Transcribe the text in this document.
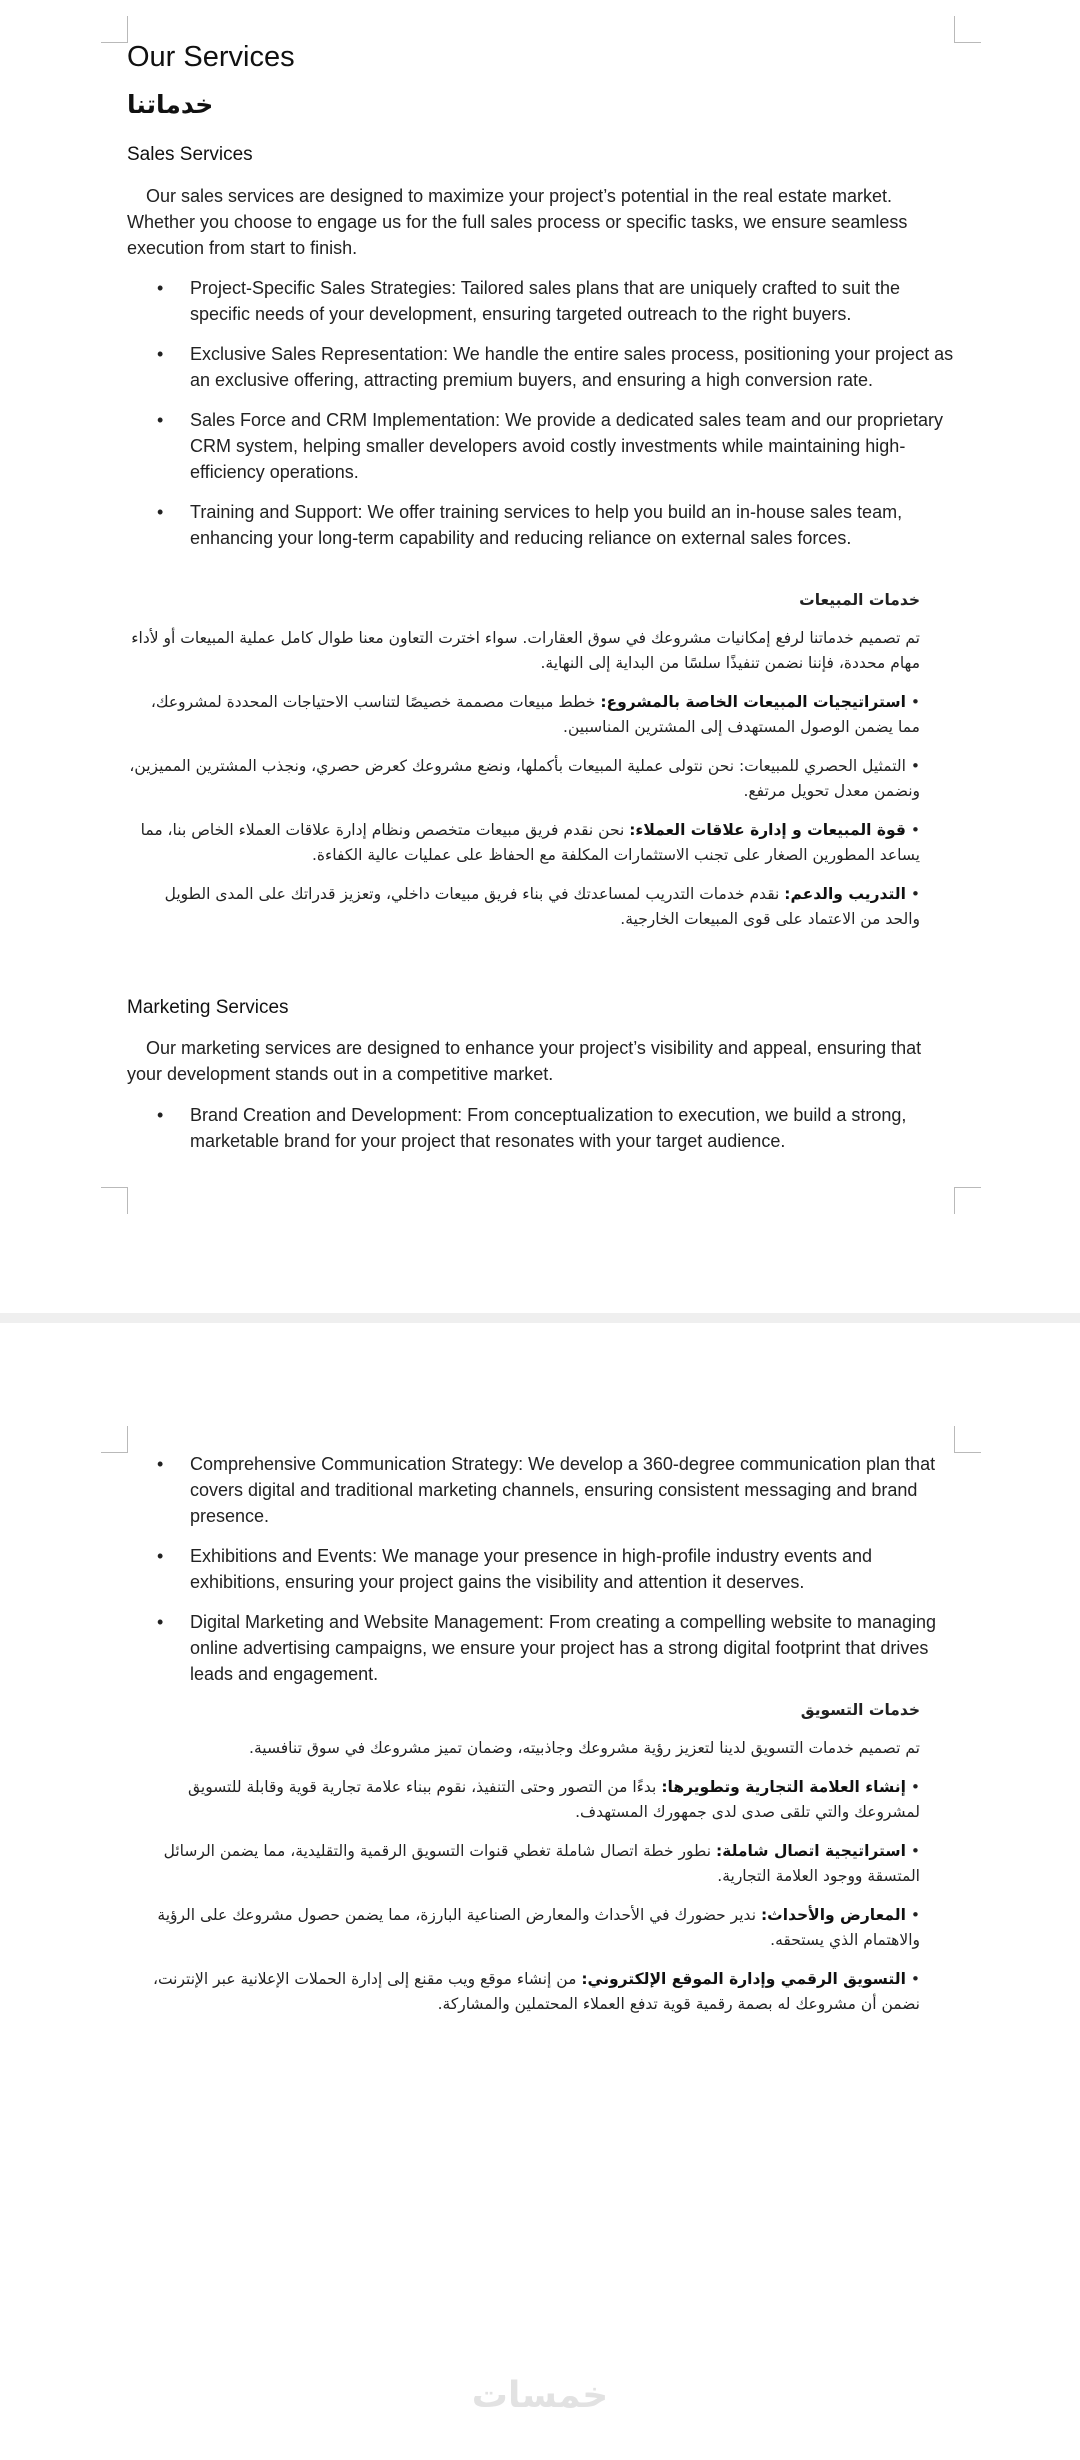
Our Services
خدماتنا
Sales Services

Our sales services are designed to maximize your project’s potential in the real estate market. Whether you choose to engage us for the full sales process or specific tasks, we ensure seamless execution from start to finish.

• Project-Specific Sales Strategies: Tailored sales plans that are uniquely crafted to suit the specific needs of your development, ensuring targeted outreach to the right buyers.
• Exclusive Sales Representation: We handle the entire sales process, positioning your project as an exclusive offering, attracting premium buyers, and ensuring a high conversion rate.
• Sales Force and CRM Implementation: We provide a dedicated sales team and our proprietary CRM system, helping smaller developers avoid costly investments while maintaining high-efficiency operations.
• Training and Support: We offer training services to help you build an in-house sales team, enhancing your long-term capability and reducing reliance on external sales forces.

خدمات المبيعات

تم تصميم خدماتنا لرفع إمكانيات مشروعك في سوق العقارات. سواء اخترت التعاون معنا طوال كامل عملية المبيعات أو لأداء مهام محددة، فإننا نضمن تنفيذًا سلسًا من البداية إلى النهاية.

• استراتيجيات المبيعات الخاصة بالمشروع: خطط مبيعات مصممة خصيصًا لتناسب الاحتياجات المحددة لمشروعك، مما يضمن الوصول المستهدف إلى المشترين المناسبين.

• التمثيل الحصري للمبيعات: نحن نتولى عملية المبيعات بأكملها، ونضع مشروعك كعرض حصري، ونجذب المشترين المميزين، ونضمن معدل تحويل مرتفع.

• قوة المبيعات و إدارة علاقات العملاء: نحن نقدم فريق مبيعات متخصص ونظام إدارة علاقات العملاء الخاص بنا، مما يساعد المطورين الصغار على تجنب الاستثمارات المكلفة مع الحفاظ على عمليات عالية الكفاءة.

• التدريب والدعم: نقدم خدمات التدريب لمساعدتك في بناء فريق مبيعات داخلي، وتعزيز قدراتك على المدى الطويل والحد من الاعتماد على قوى المبيعات الخارجية.

Marketing Services

Our marketing services are designed to enhance your project’s visibility and appeal, ensuring that your development stands out in a competitive market.

• Brand Creation and Development: From conceptualization to execution, we build a strong, marketable brand for your project that resonates with your target audience.
• Comprehensive Communication Strategy: We develop a 360-degree communication plan that covers digital and traditional marketing channels, ensuring consistent messaging and brand presence.
• Exhibitions and Events: We manage your presence in high-profile industry events and exhibitions, ensuring your project gains the visibility and attention it deserves.
• Digital Marketing and Website Management: From creating a compelling website to managing online advertising campaigns, we ensure your project has a strong digital footprint that drives leads and engagement.

خدمات التسويق

تم تصميم خدمات التسويق لدينا لتعزيز رؤية مشروعك وجاذبيته، وضمان تميز مشروعك في سوق تنافسية.

• إنشاء العلامة التجارية وتطويرها: بدءًا من التصور وحتى التنفيذ، نقوم ببناء علامة تجارية قوية وقابلة للتسويق لمشروعك والتي تلقى صدى لدى جمهورك المستهدف.

• استراتيجية اتصال شاملة: نطور خطة اتصال شاملة تغطي قنوات التسويق الرقمية والتقليدية، مما يضمن الرسائل المتسقة ووجود العلامة التجارية.

• المعارض والأحداث: ندير حضورك في الأحداث والمعارض الصناعية البارزة، مما يضمن حصول مشروعك على الرؤية والاهتمام الذي يستحقه.

• التسويق الرقمي وإدارة الموقع الإلكتروني: من إنشاء موقع ويب مقنع إلى إدارة الحملات الإعلانية عبر الإنترنت، نضمن أن مشروعك له بصمة رقمية قوية تدفع العملاء المحتملين والمشاركة.

خمسات
